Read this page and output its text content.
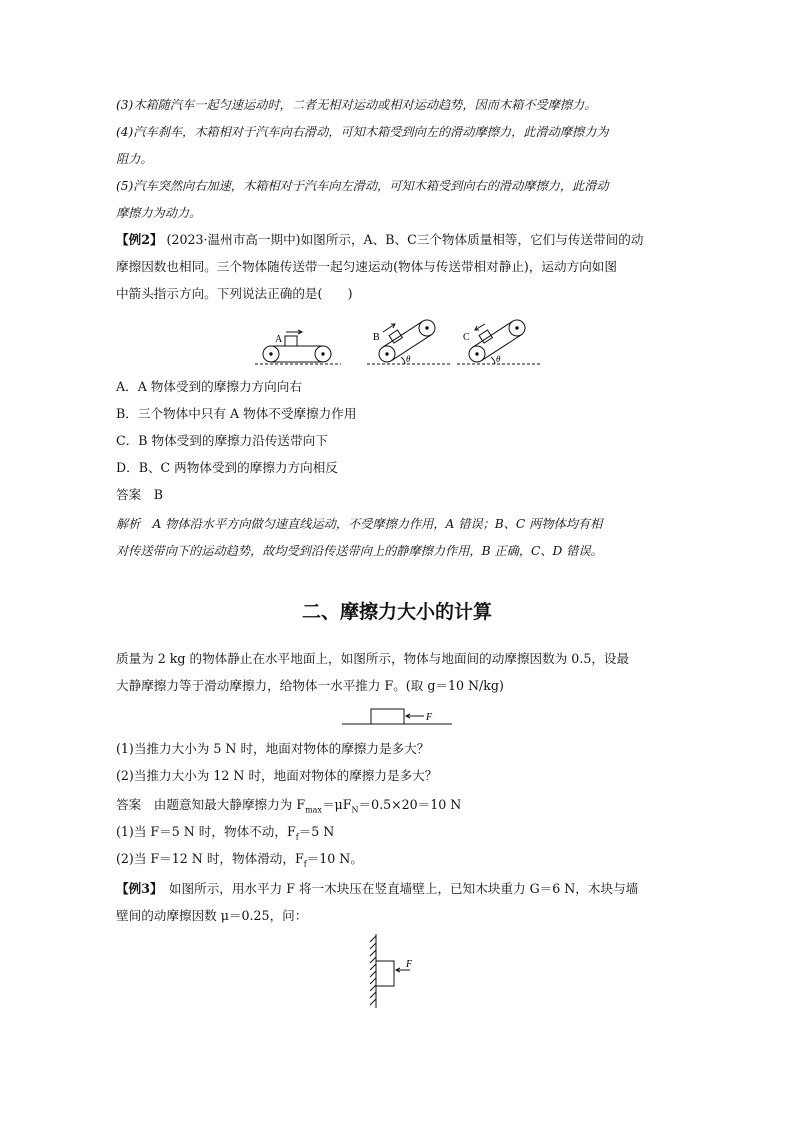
(3)木箱随汽车一起匀速运动时，二者无相对运动或相对运动趋势，因而木箱不受摩擦力。
(4)汽车刹车，木箱相对于汽车向右滑动，可知木箱受到向左的滑动摩擦力，此滑动摩擦力为
阻力。
(5)汽车突然向右加速，木箱相对于汽车向左滑动，可知木箱受到向右的滑动摩擦力，此滑动
摩擦力为动力。
【例2】 (2023·温州市高一期中)如图所示，A、B、C三个物体质量相等，它们与传送带间的动
摩擦因数也相同。三个物体随传送带一起匀速运动(物体与传送带相对静止)，运动方向如图
中箭头指示方向。下列说法正确的是(　　)
A	B	C
θ	θ
A．A 物体受到的摩擦力方向向右
B．三个物体中只有 A 物体不受摩擦力作用
C．B 物体受到的摩擦力沿传送带向下
D．B、C 两物体受到的摩擦力方向相反
答案　B
解析　A 物体沿水平方向做匀速直线运动，不受摩擦力作用，A 错误；B、C 两物体均有相
对传送带向下的运动趋势，故均受到沿传送带向上的静摩擦力作用，B 正确，C、D 错误。
二、摩擦力大小的计算
质量为 2 kg 的物体静止在水平地面上，如图所示，物体与地面间的动摩擦因数为 0.5，设最
大静摩擦力等于滑动摩擦力，给物体一水平推力 F。(取 g＝10 N/kg)
F
(1)当推力大小为 5 N 时，地面对物体的摩擦力是多大？
(2)当推力大小为 12 N 时，地面对物体的摩擦力是多大？
答案　由题意知最大静摩擦力为 $F_{max}=\mu F_N=0.5\times 20=10$ N
(1)当 F＝5 N 时，物体不动，$F_f=5$ N
(2)当 F＝12 N 时，物体滑动，$F_f=10$ N。
【例3】　如图所示，用水平力 F 将一木块压在竖直墙壁上，已知木块重力 G＝6 N，木块与墙
壁间的动摩擦因数 μ＝0.25，问：
F
